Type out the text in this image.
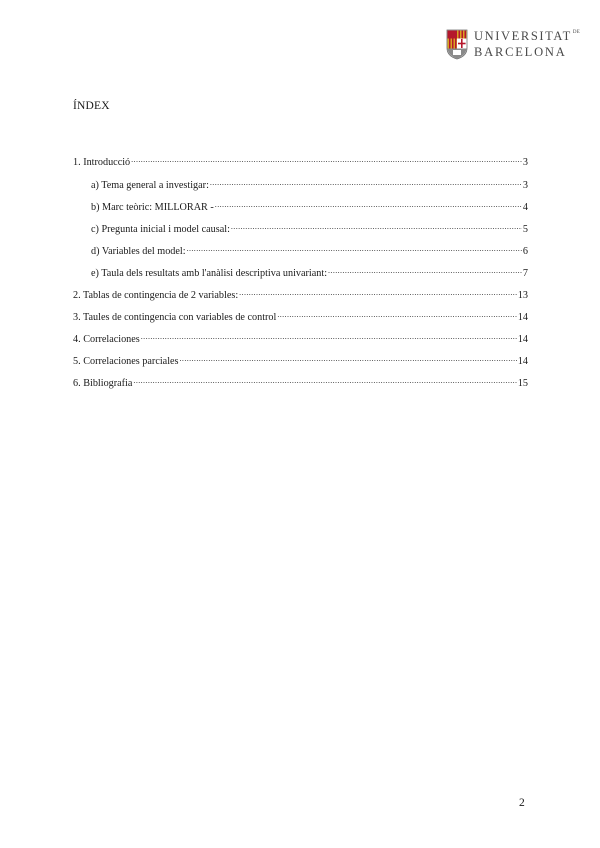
$UNIVERSITAT^{DE}$
BARCELONA
ÍNDEX
1. Introducció .....	3
a) Tema general a investigar: .....	3
b) Marc teòric: MILLORAR - .....	4
c) Pregunta inicial i model causal: .....	5
d) Variables del model: .....	6
e) Taula dels resultats amb l'anàlisi descriptiva univariant: .....	7
2. Tablas de contingencia de 2 variables: .....	13
3. Taules de contingencia con variables de control .....	14
4. Correlaciones .....	14
5. Correlaciones parciales .....	14
6. Bibliografia .....	15
2
